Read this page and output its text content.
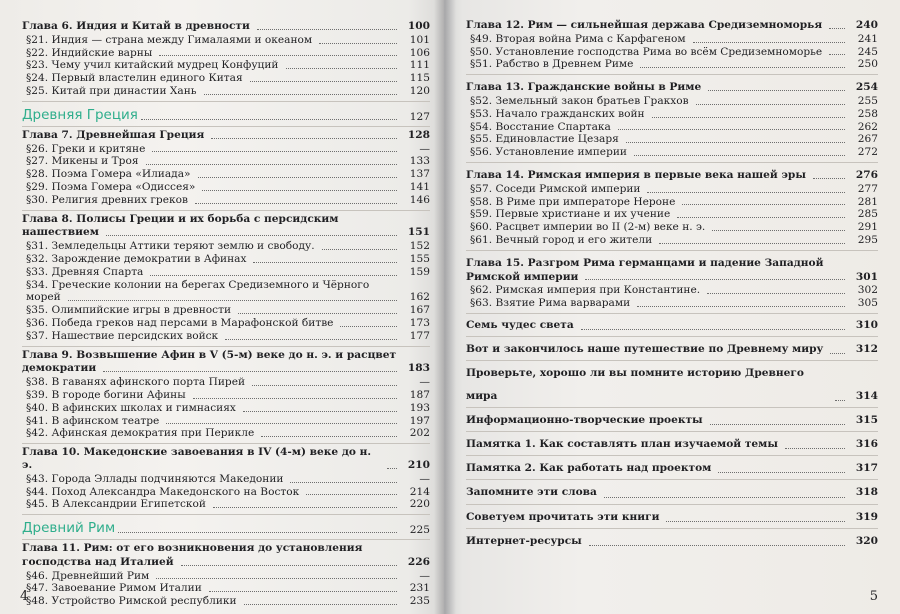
Глава 6. Индия и Китай в древности	100
§21. Индия — страна между Гималаями и океаном	101
§22. Индийские варны	106
§23. Чему учил китайский мудрец Конфуций	111
§24. Первый властелин единого Китая	115
§25. Китай при династии Хань	120
Древняя Греция	127
Глава 7. Древнейшая Греция	128
§26. Греки и критяне	—
§27. Микены и Троя	133
§28. Поэма Гомера «Илиада»	137
§29. Поэма Гомера «Одиссея»	141
§30. Религия древних греков	146
Глава 8. Полисы Греции и их борьба с персидским
нашествием	151
§31. Земледельцы Аттики теряют землю и свободу.	152
§32. Зарождение демократии в Афинах	155
§33. Древняя Спарта	159
§34. Греческие колонии на берегах Средиземного и Чёрного
морей	162
§35. Олимпийские игры в древности	167
§36. Победа греков над персами в Марафонской битве	173
§37. Нашествие персидских войск	177
Глава 9. Возвышение Афин в V (5-м) веке до н. э. и расцвет
демократии	183
§38. В гаванях афинского порта Пирей	—
§39. В городе богини Афины	187
§40. В афинских школах и гимнасиях	193
§41. В афинском театре	197
§42. Афинская демократия при Перикле	202
Глава 10. Македонские завоевания в IV (4-м) веке до н. э.	210
§43. Города Эллады подчиняются Македонии	—
§44. Поход Александра Македонского на Восток	214
§45. В Александрии Египетской	220
Древний Рим	225
Глава 11. Рим: от его возникновения до установления
господства над Италией	226
§46. Древнейший Рим	—
§47. Завоевание Римом Италии	231
§48. Устройство Римской республики	235
4
Глава 12. Рим — сильнейшая держава Средиземноморья	240
§49. Вторая война Рима с Карфагеном	241
§50. Установление господства Рима во всём Средиземноморье	245
§51. Рабство в Древнем Риме	250
Глава 13. Гражданские войны в Риме	254
§52. Земельный закон братьев Гракхов	255
§53. Начало гражданских войн	258
§54. Восстание Спартака	262
§55. Единовластие Цезаря	267
§56. Установление империи	272
Глава 14. Римская империя в первые века нашей эры	276
§57. Соседи Римской империи	277
§58. В Риме при императоре Нероне	281
§59. Первые христиане и их учение	285
§60. Расцвет империи во II (2-м) веке н. э.	291
§61. Вечный город и его жители	295
Глава 15. Разгром Рима германцами и падение Западной
Римской империи	301
§62. Римская империя при Константине.	302
§63. Взятие Рима варварами	305
Семь чудес света	310
Вот и закончилось наше путешествие по Древнему миру	312
Проверьте, хорошо ли вы помните историю Древнего мира	314
Информационно-творческие проекты	315
Памятка 1. Как составлять план изучаемой темы	316
Памятка 2. Как работать над проектом	317
Запомните эти слова	318
Советуем прочитать эти книги	319
Интернет-ресурсы	320
5
